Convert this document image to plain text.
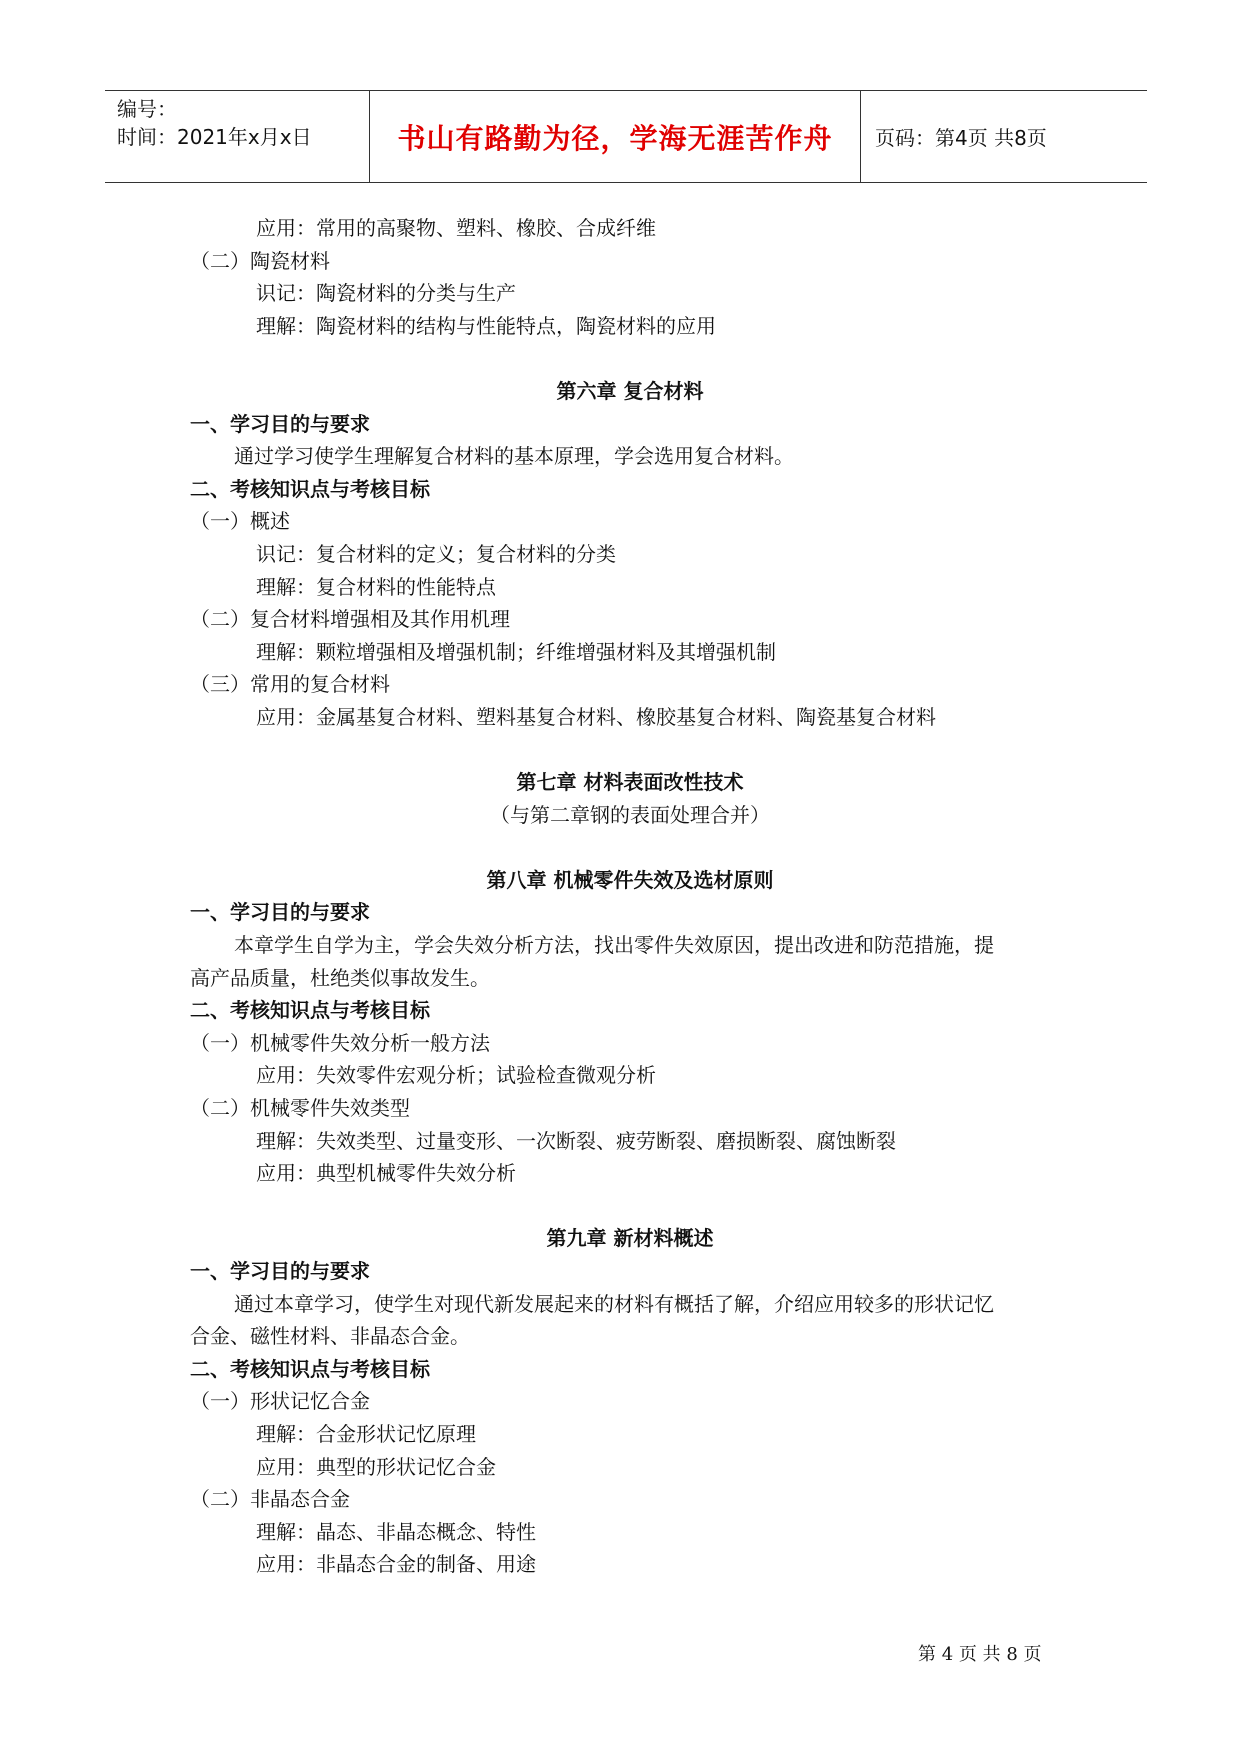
编号：
时间：2021年x月x日	书山有路勤为径，学海无涯苦作舟	页码：第4页 共8页
应用：常用的高聚物、塑料、橡胶、合成纤维
（二）陶瓷材料
识记：陶瓷材料的分类与生产
理解：陶瓷材料的结构与性能特点，陶瓷材料的应用
第六章 复合材料
一、学习目的与要求
通过学习使学生理解复合材料的基本原理，学会选用复合材料。
二、考核知识点与考核目标
（一）概述
识记：复合材料的定义；复合材料的分类
理解：复合材料的性能特点
（二）复合材料增强相及其作用机理
理解：颗粒增强相及增强机制；纤维增强材料及其增强机制
（三）常用的复合材料
应用：金属基复合材料、塑料基复合材料、橡胶基复合材料、陶瓷基复合材料
第七章 材料表面改性技术
（与第二章钢的表面处理合并）
第八章 机械零件失效及选材原则
一、学习目的与要求
本章学生自学为主，学会失效分析方法，找出零件失效原因，提出改进和防范措施，提
高产品质量，杜绝类似事故发生。
二、考核知识点与考核目标
（一）机械零件失效分析一般方法
应用：失效零件宏观分析；试验检查微观分析
（二）机械零件失效类型
理解：失效类型、过量变形、一次断裂、疲劳断裂、磨损断裂、腐蚀断裂
应用：典型机械零件失效分析
第九章 新材料概述
一、学习目的与要求
通过本章学习，使学生对现代新发展起来的材料有概括了解，介绍应用较多的形状记忆
合金、磁性材料、非晶态合金。
二、考核知识点与考核目标
（一）形状记忆合金
理解：合金形状记忆原理
应用：典型的形状记忆合金
（二）非晶态合金
理解：晶态、非晶态概念、特性
应用：非晶态合金的制备、用途
第 4 页 共 8 页
